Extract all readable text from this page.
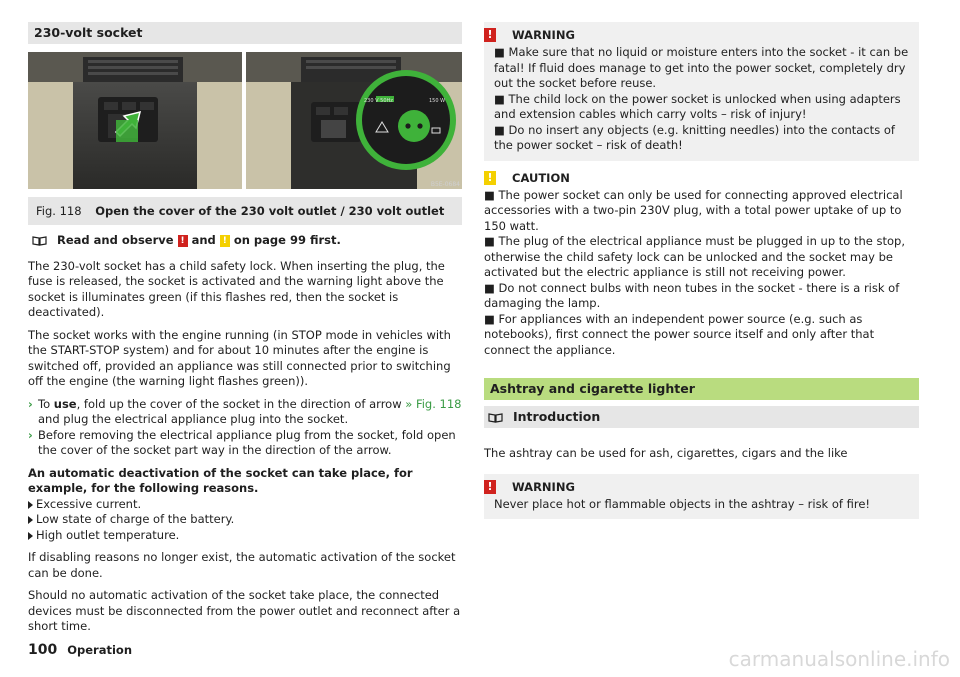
230-volt socket
230 V 50Hz	150 W
B5E-0684
Fig. 118 Open the cover of the 230 volt outlet / 230 volt outlet

Read and observe
!
and
!
on page 99 first.

The 230-volt socket has a child safety lock. When inserting the plug, the fuse is released, the socket is activated and the warning light above the socket is illuminates green (if this flashes red, then the socket is deactivated).

The socket works with the engine running (in STOP mode in vehicles with the START-STOP system) and for about 10 minutes after the engine is switched off, provided an appliance was still connected prior to switching off the engine (the warning light flashes green)).

› To use, fold up the cover of the socket in the direction of arrow » Fig. 118 and plug the electrical appliance plug into the socket.

› Before removing the electrical appliance plug from the socket, fold open the cover of the socket part way in the direction of the arrow.

An automatic deactivation of the socket can take place, for example, for the following reasons.

Excessive current.

Low state of charge of the battery.

High outlet temperature.

If disabling reasons no longer exist, the automatic activation of the socket can be done.

Should no automatic activation of the socket take place, the connected devices must be disconnected from the power outlet and reconnect after a short time.

!	WARNING

■ Make sure that no liquid or moisture enters into the socket - it can be fatal! If fluid does manage to get into the power socket, completely dry out the socket before reuse.

■ The child lock on the power socket is unlocked when using adapters and extension cables which carry volts – risk of injury!

■ Do no insert any objects (e.g. knitting needles) into the contacts of the power socket – risk of death!

!	CAUTION

■ The power socket can only be used for connecting approved electrical accessories with a two-pin 230V plug, with a total power uptake of up to 150 watt.

■ The plug of the electrical appliance must be plugged in up to the stop, otherwise the child safety lock can be unlocked and the socket may be activated but the electric appliance is still not receiving power.

■ Do not connect bulbs with neon tubes in the socket - there is a risk of damaging the lamp.

■ For appliances with an independent power source (e.g. such as notebooks), first connect the power source itself and only after that connect the appliance.

Ashtray and cigarette lighter
Introduction

The ashtray can be used for ash, cigarettes, cigars and the like

!	WARNING

Never place hot or flammable objects in the ashtray – risk of fire!

100 Operation	carmanualsonline.info
